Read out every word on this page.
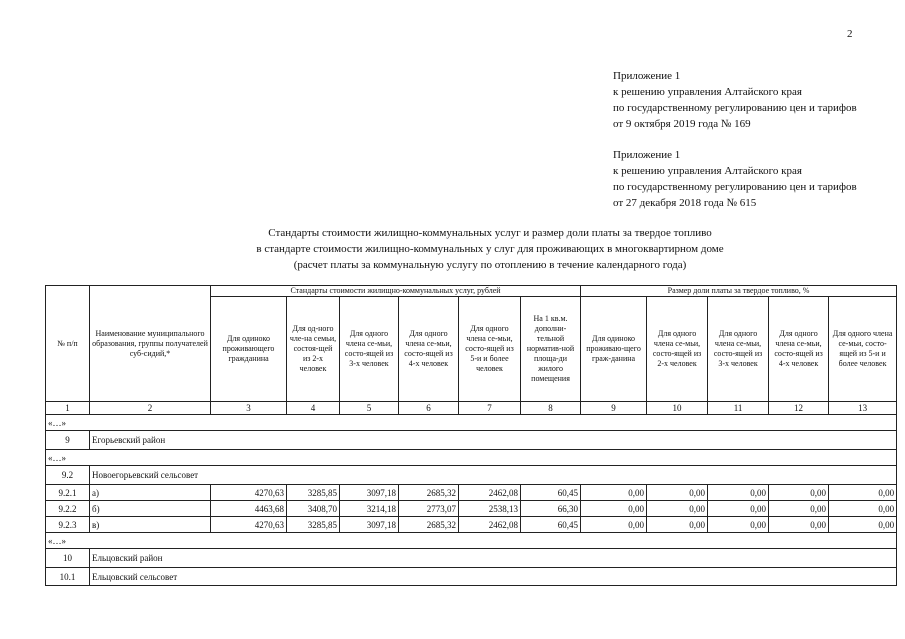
2
Приложение 1
к решению управления Алтайского края
по государственному регулированию цен и тарифов
от 9 октября 2019 года № 169
Приложение 1
к решению управления Алтайского края
по государственному регулированию цен и тарифов
от 27 декабря 2018 года № 615
Стандарты стоимости жилищно-коммунальных услуг и размер доли платы за твердое топливо
в стандарте стоимости жилищно-коммунальных у слуг для проживающих в многоквартирном доме
(расчет платы за коммунальную услугу по отоплению в течение календарного года)
№ п/п	Наименование муниципального образования, группы получателей суб-сидий,*	Стандарты стоимости жилищно-коммунальных услуг, рублей						Размер доли платы за твердое топливо, %				
		Для одиноко проживающего гражданина	Для од-ного чле-на семьи, состоя-щей из 2-х человек	Для одного члена се-мьи, состо-ящей из 3-х человек	Для одного члена се-мьи, состо-ящей из 4-х человек	Для одного члена се-мьи, состо-ящей из 5-и и более человек	На 1 кв.м. дополни-тельной норматив-ной площа-ди жилого помещения	Для одиноко проживаю-щего граж-данина	Для одного члена се-мьи, состо-ящей из 2-х человек	Для одного члена се-мьи, состо-ящей из 3-х человек	Для одного члена се-мьи, состо-ящей из 4-х человек	Для одного члена се-мьи, состо-ящей из 5-и и более человек
1	2	3	4	5	6	7	8	9	10	11	12	13
«…»												
9	Егорьевский район											
«…»												
9.2	Новоегорьевский сельсовет											
9.2.1	а)	4270,63	3285,85	3097,18	2685,32	2462,08	60,45	0,00	0,00	0,00	0,00	0,00
9.2.2	б)	4463,68	3408,70	3214,18	2773,07	2538,13	66,30	0,00	0,00	0,00	0,00	0,00
9.2.3	в)	4270,63	3285,85	3097,18	2685,32	2462,08	60,45	0,00	0,00	0,00	0,00	0,00
«…»												
10	Ельцовский район											
10.1	Ельцовский сельсовет											
